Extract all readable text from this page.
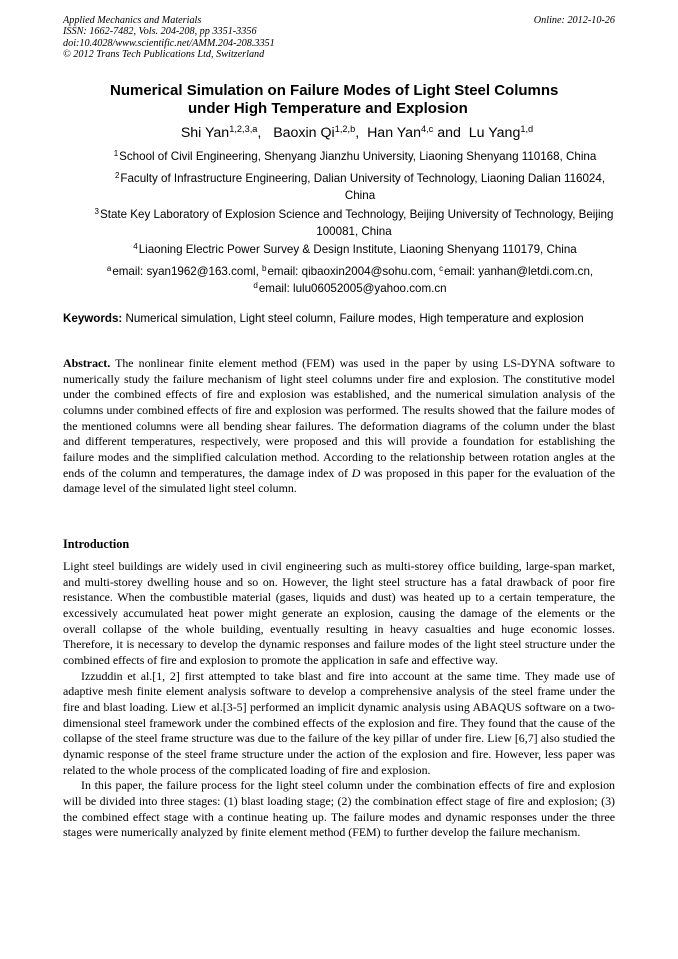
Applied Mechanics and Materials
ISSN: 1662-7482, Vols. 204-208, pp 3351-3356
doi:10.4028/www.scientific.net/AMM.204-208.3351
© 2012 Trans Tech Publications Ltd, Switzerland
Online: 2012-10-26
Numerical Simulation on Failure Modes of Light Steel Columns
under High Temperature and Explosion
Shi Yan$^{1,2,3,a}$,   Baoxin Qi$^{1,2,b}$,  Han Yan$^{4,c}$ and  Lu Yang$^{1,d}$
$^1$School of Civil Engineering, Shenyang Jianzhu University, Liaoning Shenyang 110168, China
$^2$Faculty of Infrastructure Engineering, Dalian University of Technology, Liaoning Dalian 116024, China
$^3$State Key Laboratory of Explosion Science and Technology, Beijing University of Technology, Beijing 100081, China
$^4$Liaoning Electric Power Survey & Design Institute, Liaoning Shenyang 110179, China
$^a$email: syan1962@163.coml, $^b$email: qibaoxin2004@sohu.com, $^c$email: yanhan@letdi.com.cn,
$^d$email: lulu06052005@yahoo.com.cn
Keywords: Numerical simulation, Light steel column, Failure modes, High temperature and explosion
Abstract. The nonlinear finite element method (FEM) was used in the paper by using LS-DYNA software to numerically study the failure mechanism of light steel columns under fire and explosion. The constitutive model under the combined effects of fire and explosion was established, and the numerical simulation analysis of the columns under combined effects of fire and explosion was performed. The results showed that the failure modes of the mentioned columns were all bending shear failures. The deformation diagrams of the column under the blast and different temperatures, respectively, were proposed and this will provide a foundation for establishing the failure modes and the simplified calculation method. According to the relationship between rotation angles at the ends of the column and temperatures, the damage index of D was proposed in this paper for the evaluation of the damage level of the simulated light steel column.
Introduction
Light steel buildings are widely used in civil engineering such as multi-storey office building, large-span market, and multi-storey dwelling house and so on. However, the light steel structure has a fatal drawback of poor fire resistance. When the combustible material (gases, liquids and dust) was heated up to a certain temperature, the excessively accumulated heat power might generate an explosion, causing the damage of the elements or the overall collapse of the whole building, eventually resulting in heavy casualties and huge economic losses. Therefore, it is necessary to develop the dynamic responses and failure modes of the light steel structure under the combined effects of fire and explosion to promote the application in safe and effective way.
Izzuddin et al.[1, 2] first attempted to take blast and fire into account at the same time. They made use of adaptive mesh finite element analysis software to develop a comprehensive analysis of the steel frame under the fire and blast loading. Liew et al.[3-5] performed an implicit dynamic analysis using ABAQUS software on a two-dimensional steel framework under the combined effects of the explosion and fire. They found that the cause of the collapse of the steel frame structure was due to the failure of the key pillar of under fire. Liew [6,7] also studied the dynamic response of the steel frame structure under the action of the explosion and fire. However, less paper was related to the whole process of the complicated loading of fire and explosion.
In this paper, the failure process for the light steel column under the combination effects of fire and explosion will be divided into three stages: (1) blast loading stage; (2) the combination effect stage of fire and explosion; (3) the combined effect stage with a continue heating up. The failure modes and dynamic responses under the three stages were numerically analyzed by finite element method (FEM) to further develop the failure mechanism.
